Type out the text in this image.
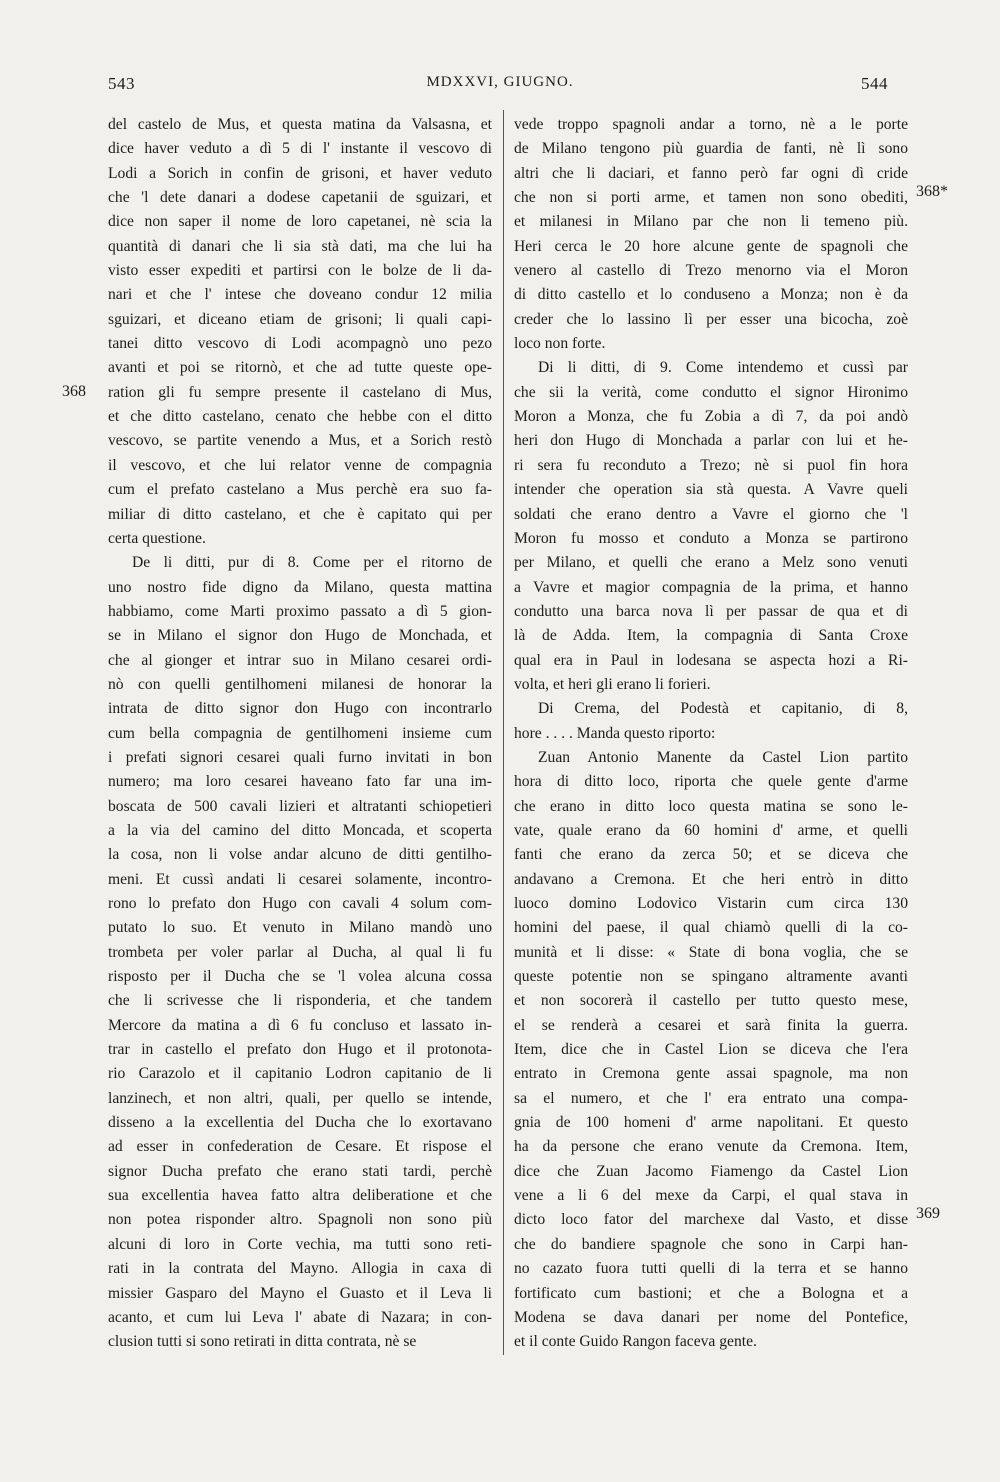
543	MDXXVI, GIUGNO.	544
368
368*
369
del castelo de Mus, et questa matina da Valsasna, et
dice haver veduto a dì 5 di l' instante il vescovo di
Lodi a Sorich in confin de grisoni, et haver veduto
che 'l dete danari a dodese capetanii de sguizari, et
dice non saper il nome de loro capetanei, nè scia la
quantità di danari che li sia stà dati, ma che lui ha
visto esser expediti et partirsi con le bolze de li da-
nari et che l' intese che doveano condur 12 milia
sguizari, et diceano etiam de grisoni; li quali capi-
tanei ditto vescovo di Lodi acompagnò uno pezo
avanti et poi se ritornò, et che ad tutte queste ope-
ration gli fu sempre presente il castelano di Mus,
et che ditto castelano, cenato che hebbe con el ditto
vescovo, se partite venendo a Mus, et a Sorich restò
il vescovo, et che lui relator venne de compagnia
cum el prefato castelano a Mus perchè era suo fa-
miliar di ditto castelano, et che è capitato qui per
certa questione.
De li ditti, pur di 8. Come per el ritorno de
uno nostro fide digno da Milano, questa mattina
habbiamo, come Marti proximo passato a dì 5 gion-
se in Milano el signor don Hugo de Monchada, et
che al gionger et intrar suo in Milano cesarei ordi-
nò con quelli gentilhomeni milanesi de honorar la
intrata de ditto signor don Hugo con incontrarlo
cum bella compagnia de gentilhomeni insieme cum
i prefati signori cesarei quali furno invitati in bon
numero; ma loro cesarei haveano fato far una im-
boscata de 500 cavali lizieri et altratanti schiopetieri
a la via del camino del ditto Moncada, et scoperta
la cosa, non li volse andar alcuno de ditti gentilho-
meni. Et cussì andati li cesarei solamente, incontro-
rono lo prefato don Hugo con cavali 4 solum com-
putato lo suo. Et venuto in Milano mandò uno
trombeta per voler parlar al Ducha, al qual li fu
risposto per il Ducha che se 'l volea alcuna cossa
che li scrivesse che li risponderia, et che tandem
Mercore da matina a dì 6 fu concluso et lassato in-
trar in castello el prefato don Hugo et il protonota-
rio Carazolo et il capitanio Lodron capitanio de li
lanzinech, et non altri, quali, per quello se intende,
disseno a la excellentia del Ducha che lo exortavano
ad esser in confederation de Cesare. Et rispose el
signor Ducha prefato che erano stati tardi, perchè
sua excellentia havea fatto altra deliberatione et che
non potea risponder altro. Spagnoli non sono più
alcuni di loro in Corte vechia, ma tutti sono reti-
rati in la contrata del Mayno. Allogia in caxa di
missier Gasparo del Mayno el Guasto et il Leva li
acanto, et cum lui Leva l' abate di Nazara; in con-
clusion tutti si sono retirati in ditta contrata, nè se
vede troppo spagnoli andar a torno, nè a le porte
de Milano tengono più guardia de fanti, nè lì sono
altri che li daciari, et fanno però far ogni dì cride
che non si porti arme, et tamen non sono obediti,
et milanesi in Milano par che non li temeno più.
Heri cerca le 20 hore alcune gente de spagnoli che
venero al castello di Trezo menorno via el Moron
di ditto castello et lo conduseno a Monza; non è da
creder che lo lassino lì per esser una bicocha, zoè
loco non forte.
Di li ditti, di 9. Come intendemo et cussì par
che sii la verità, come condutto el signor Hironimo
Moron a Monza, che fu Zobia a dì 7, da poi andò
heri don Hugo di Monchada a parlar con lui et he-
ri sera fu reconduto a Trezo; nè si puol fin hora
intender che operation sia stà questa. A Vavre queli
soldati che erano dentro a Vavre el giorno che 'l
Moron fu mosso et conduto a Monza se partirono
per Milano, et quelli che erano a Melz sono venuti
a Vavre et magior compagnia de la prima, et hanno
condutto una barca nova lì per passar de qua et di
là de Adda. Item, la compagnia di Santa Croxe
qual era in Paul in lodesana se aspecta hozi a Ri-
volta, et heri gli erano li forieri.
Di Crema, del Podestà et capitanio, di 8,
hore . . . . Manda questo riporto:
Zuan Antonio Manente da Castel Lion partito
hora di ditto loco, riporta che quele gente d'arme
che erano in ditto loco questa matina se sono le-
vate, quale erano da 60 homini d' arme, et quelli
fanti che erano da zerca 50; et se diceva che
andavano a Cremona. Et che heri entrò in ditto
luoco domino Lodovico Vistarin cum circa 130
homini del paese, il qual chiamò quelli di la co-
munità et li disse: « State di bona voglia, che se
queste potentie non se spingano altramente avanti
et non socorerà il castello per tutto questo mese,
el se renderà a cesarei et sarà finita la guerra.
Item, dice che in Castel Lion se diceva che l'era
entrato in Cremona gente assai spagnole, ma non
sa el numero, et che l' era entrato una compa-
gnia de 100 homeni d' arme napolitani. Et questo
ha da persone che erano venute da Cremona. Item,
dice che Zuan Jacomo Fiamengo da Castel Lion
vene a li 6 del mexe da Carpi, el qual stava in
dicto loco fator del marchexe dal Vasto, et disse
che do bandiere spagnole che sono in Carpi han-
no cazato fuora tutti quelli di la terra et se hanno
fortificato cum bastioni; et che a Bologna et a
Modena se dava danari per nome del Pontefice,
et il conte Guido Rangon faceva gente.
